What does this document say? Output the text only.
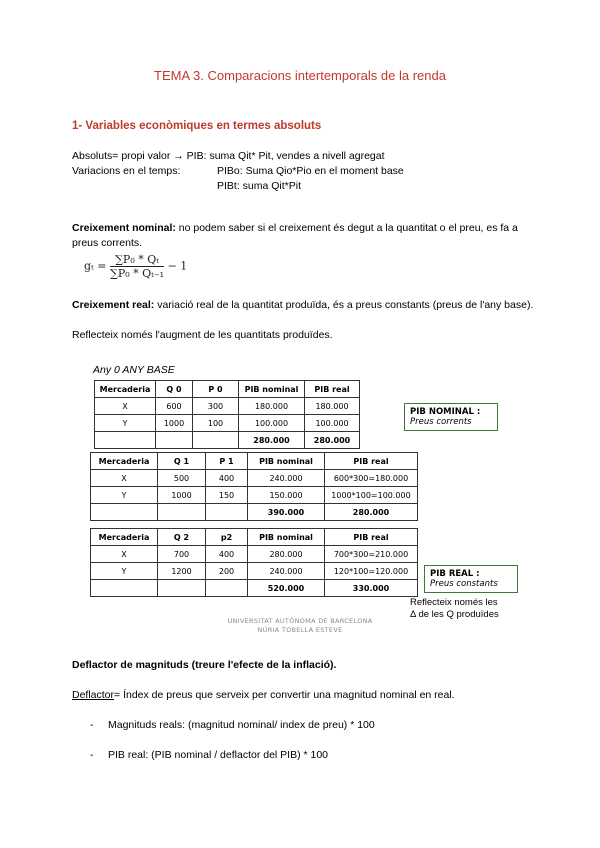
TEMA 3. Comparacions intertemporals de la renda
1- Variables econòmiques en termes absoluts
Absoluts= propi valor → PIB: suma Qit* Pit, vendes a nivell agregat
Variacions en el temps:	PIBo: Suma Qio*Pio en el moment base
PIBt: suma Qit*Pit
Creixement nominal: no podem saber si el creixement és degut a la quantitat o el preu, es fa a preus corrents.
$g_t = \frac{\text{∑P₀ * Qₜ}}{\text{∑P₀ * Qₜ₋₁}} - 1$
Creixement real: variació real de la quantitat produïda, és a preus constants (preus de l'any base).
Reflecteix només l'augment de les quantitats produïdes.
Any 0 ANY BASE
Mercaderia	Q 0	P 0	PIB nominal	PIB real
X	600	300	180.000	180.000
Y	1000	100	100.000	100.000
			280.000	280.000
PIB NOMINAL :
Preus corrents
Mercaderia	Q 1	P 1	PIB nominal	PIB real
X	500	400	240.000	600*300=180.000
Y	1000	150	150.000	1000*100=100.000
			390.000	280.000
Mercaderia	Q 2	p2	PIB nominal	PIB real
X	700	400	280.000	700*300=210.000
Y	1200	200	240.000	120*100=120.000
			520.000	330.000
PIB REAL :
Preus constants
Reflecteix només les Δ de les Q produïdes
UNIVERSITAT AUTÒNOMA DE BARCELONA
NÚRIA TOBELLA ESTEVE
Deflactor de magnituds (treure l'efecte de la inflació).
Deflactor= Índex de preus que serveix per convertir una magnitud nominal en real.
- Magnituds reals: (magnitud nominal/ index de preu) * 100
- PIB real: (PIB nominal / deflactor del PIB) * 100
